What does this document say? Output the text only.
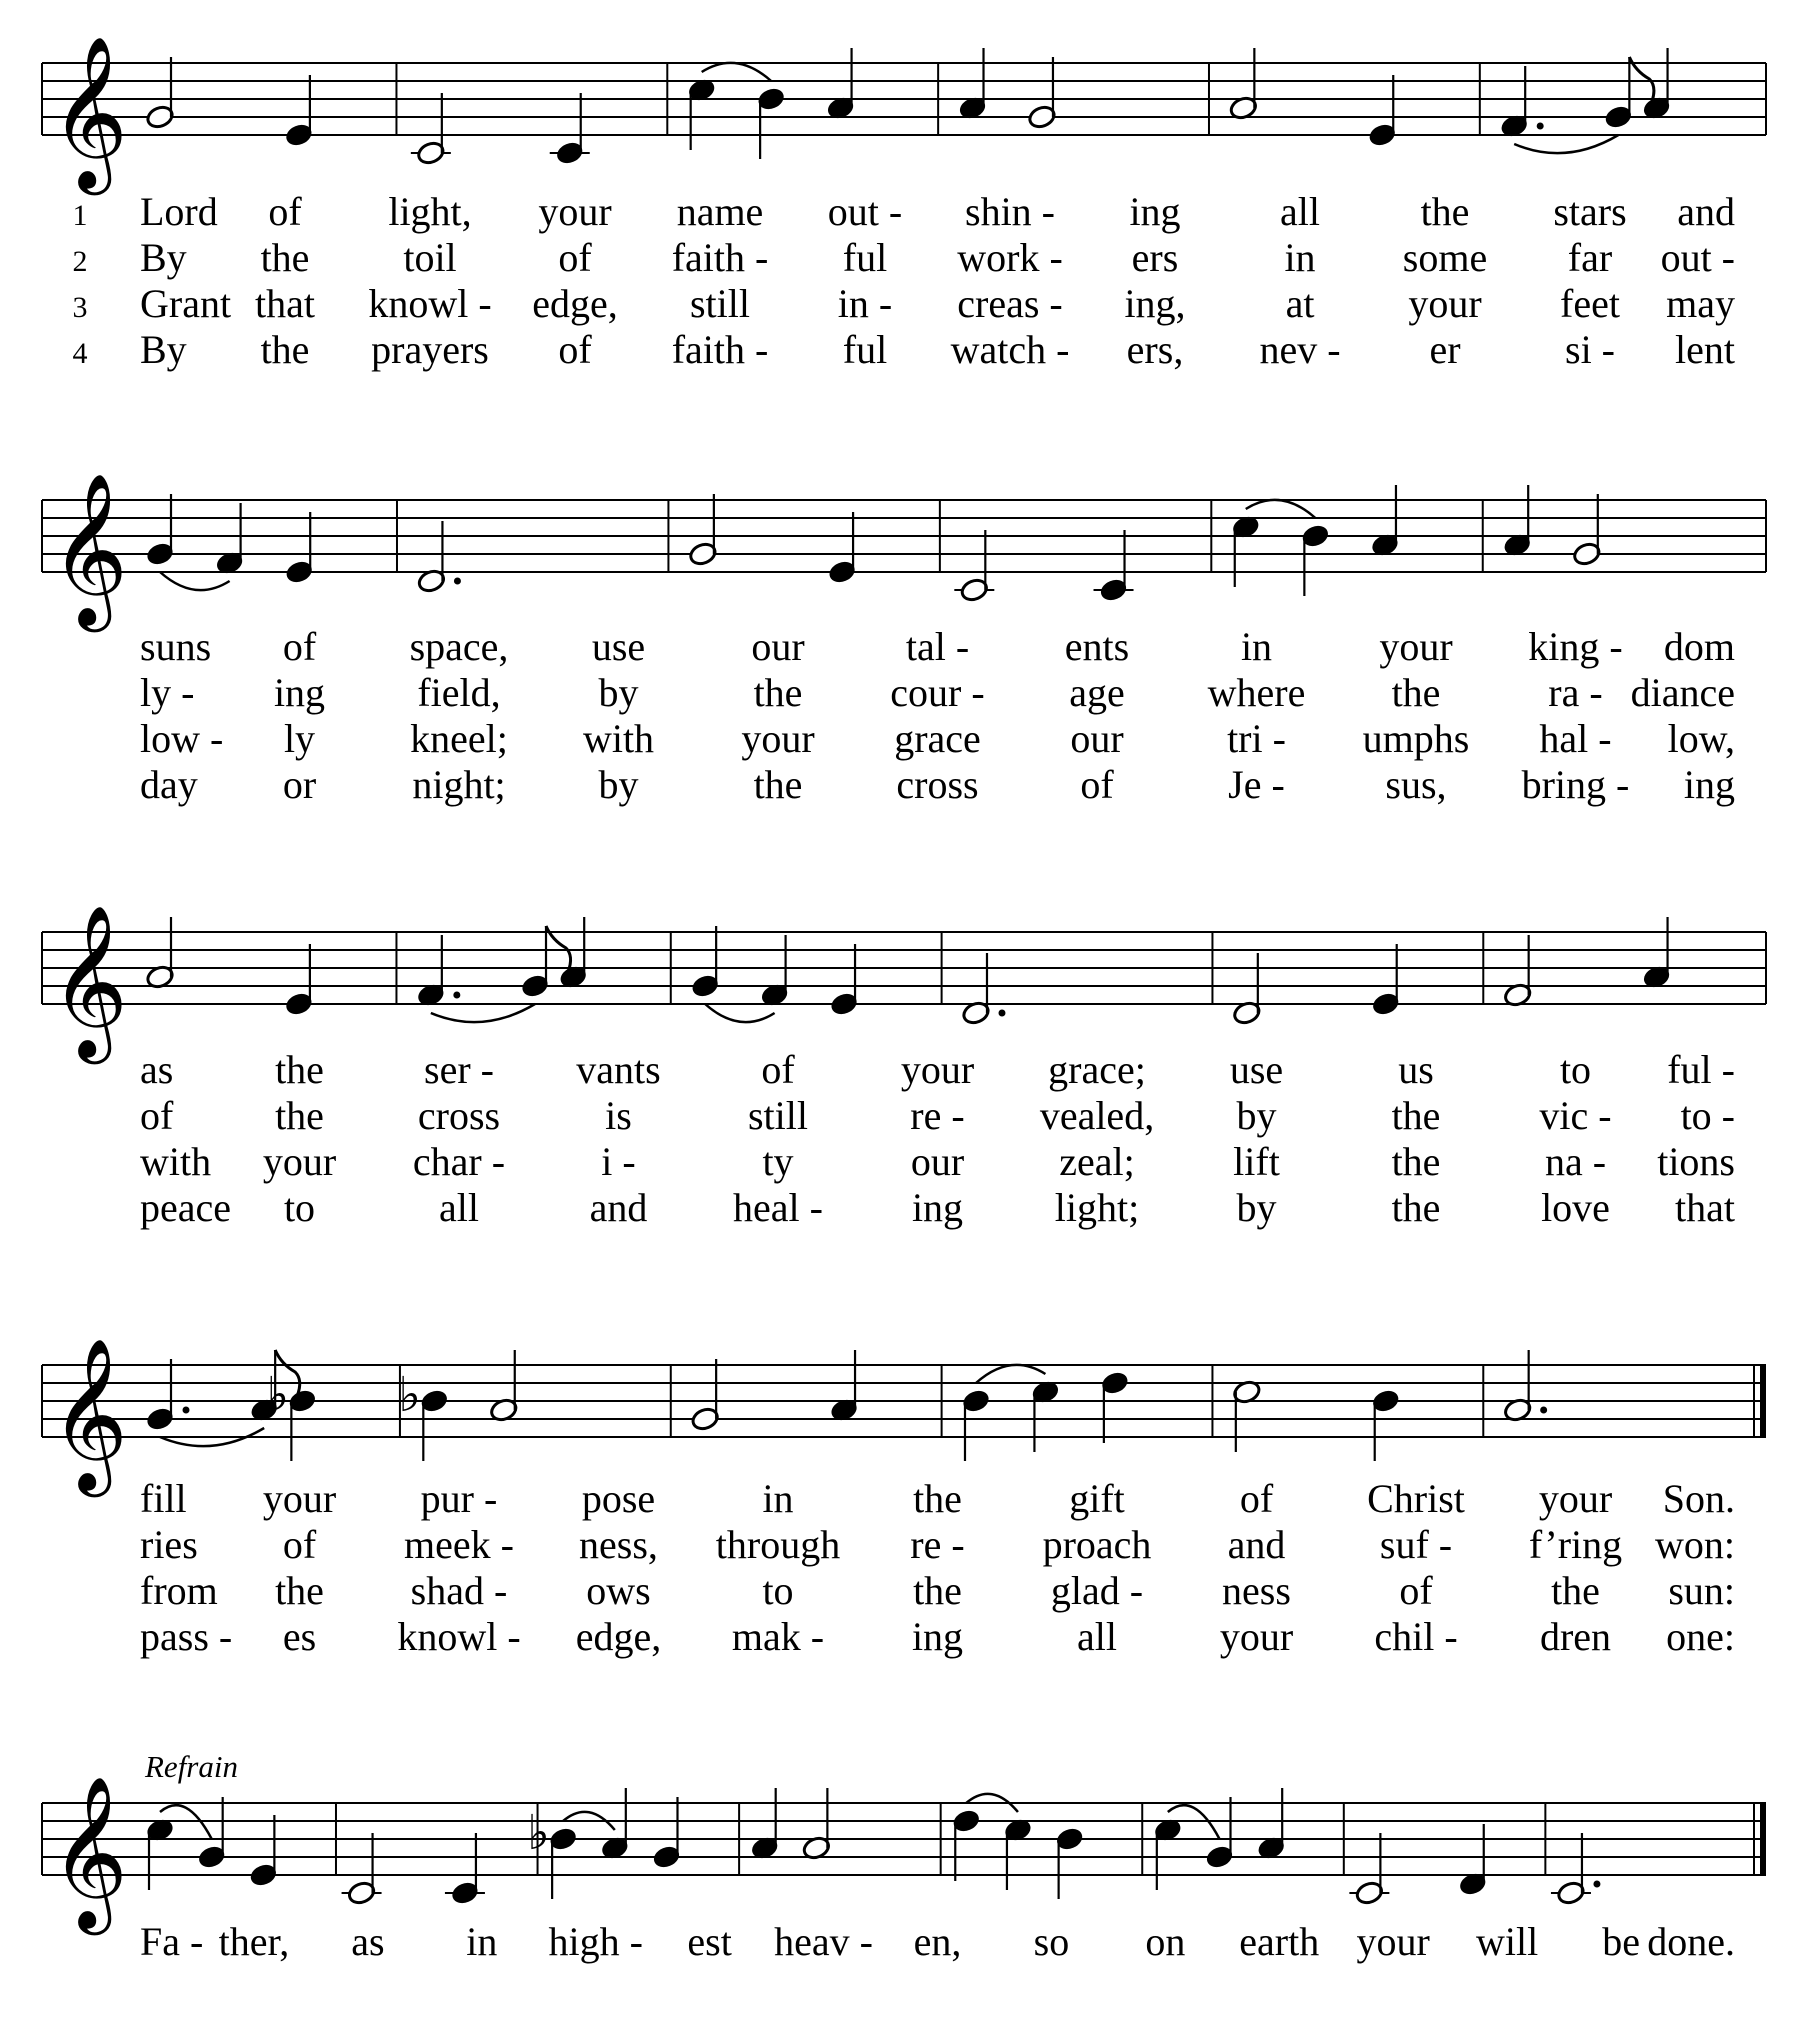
𝄞
1 Lord of light, your name out - shin - ing all	the stars and
2 By the toil	of faith - ful work - ers	in some far out -
3 Grant that knowl - edge, still in - creas - ing,	at your feet may
4 By the prayers of faith - ful watch - ers, nev - er	si - lent
𝄞
suns of space, use	our	tal - ents	in	your king - dom
ly - ing field, by	the cour - age where the	ra - diance
low - ly kneel; with your grace our	tri - umphs hal - low,
day or night; by	the cross	of	Je -	sus, bring - ing
𝄞
as	the	ser - vants	of	your grace; use	us	to ful -
of	the cross	is	still	re - vealed, by	the vic - to -
with your char - i -	ty	our zeal; lift	the	na - tions
peace to	all	and heal - ing light; by	the	love that
𝄞	♭ ♭
fill your pur - pose	in	the	gift	of Christ your Son.
ries of meek - ness, through re - proach and suf - f’ring won:
from the shad - ows	to	the glad - ness	of	the sun:
pass - es knowl - edge, mak - ing	all	your chil - dren one:
𝄞
Refrain
♭
Fa - ther, as in high - est heav - en, so on earth your will be done.
